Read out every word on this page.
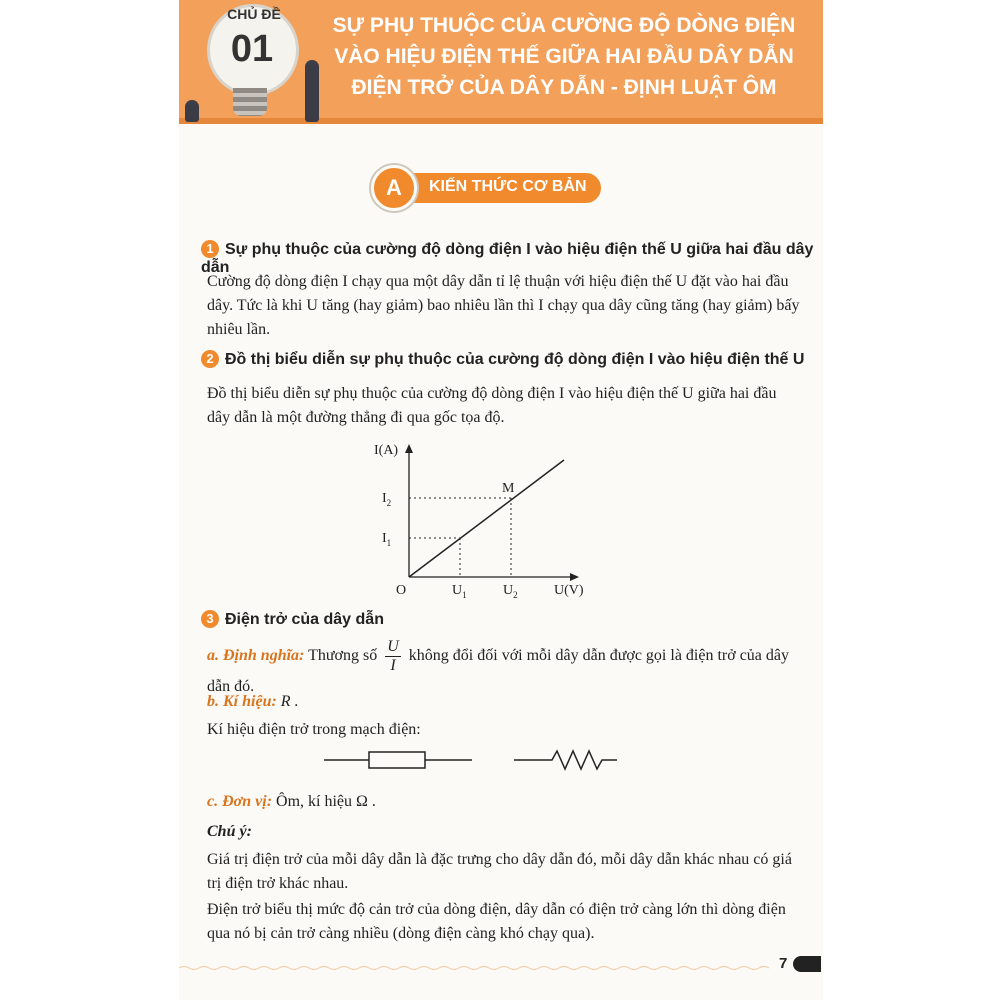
CHỦ ĐỀ
01
SỰ PHỤ THUỘC CỦA CƯỜNG ĐỘ DÒNG ĐIỆN
VÀO HIỆU ĐIỆN THẾ GIỮA HAI ĐẦU DÂY DẪN
ĐIỆN TRỞ CỦA DÂY DẪN - ĐỊNH LUẬT ÔM
A	KIẾN THỨC CƠ BẢN
1 Sự phụ thuộc của cường độ dòng điện I vào hiệu điện thế U giữa hai đầu dây dẫn

Cường độ dòng điện I chạy qua một dây dẫn tỉ lệ thuận với hiệu điện thế U đặt vào hai đầu dây. Tức là khi U tăng (hay giảm) bao nhiêu lần thì I chạy qua dây cũng tăng (hay giảm) bấy nhiêu lần.

2 Đồ thị biểu diễn sự phụ thuộc của cường độ dòng điện I vào hiệu điện thế U

Đồ thị biểu diễn sự phụ thuộc của cường độ dòng điện I vào hiệu điện thế U giữa hai đầu dây dẫn là một đường thẳng đi qua gốc tọa độ.

I(A)
U(V)
O
M
$I_2$
$I_1$
$U_1$	$U_2$
3 Điện trở của dây dẫn

a. Định nghĩa: Thương số $\frac{U}{I}$ không đổi đối với mỗi dây dẫn được gọi là điện trở của dây dẫn đó.

b. Kí hiệu: R .

Kí hiệu điện trở trong mạch điện:

c. Đơn vị: Ôm, kí hiệu Ω .

Chú ý:

Giá trị điện trở của mỗi dây dẫn là đặc trưng cho dây dẫn đó, mỗi dây dẫn khác nhau có giá trị điện trở khác nhau.

Điện trở biểu thị mức độ cản trở của dòng điện, dây dẫn có điện trở càng lớn thì dòng điện qua nó bị cản trở càng nhiều (dòng điện càng khó chạy qua).

7
